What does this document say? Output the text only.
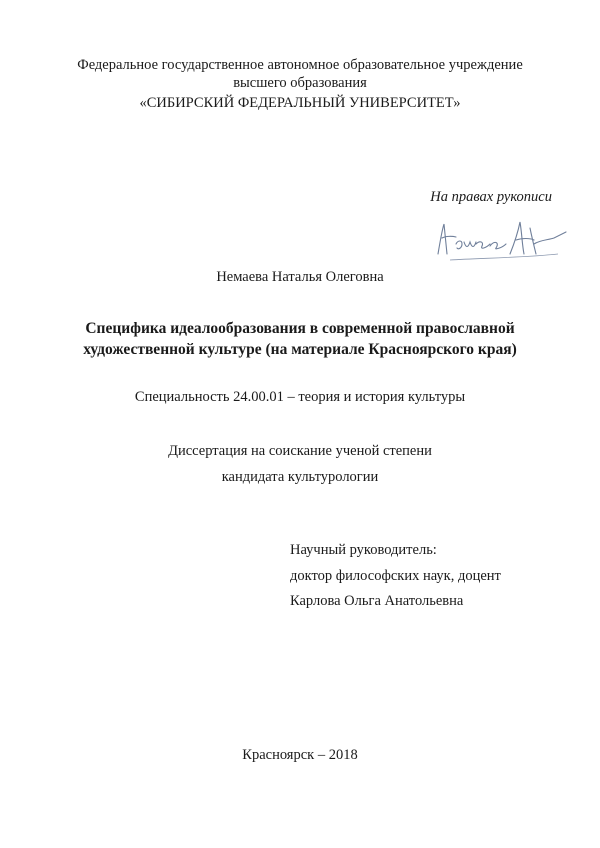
Федеральное государственное автономное образовательное учреждение
высшего образования
«СИБИРСКИЙ ФЕДЕРАЛЬНЫЙ УНИВЕРСИТЕТ»
На правах рукописи
Немаева Наталья Олеговна
Специфика идеалообразования в современной православной
художественной культуре (на материале Красноярского края)
Специальность 24.00.01 – теория и история культуры
Диссертация на соискание ученой степени
кандидата культурологии
Научный руководитель:
доктор философских наук, доцент
Карлова Ольга Анатольевна
Красноярск – 2018
